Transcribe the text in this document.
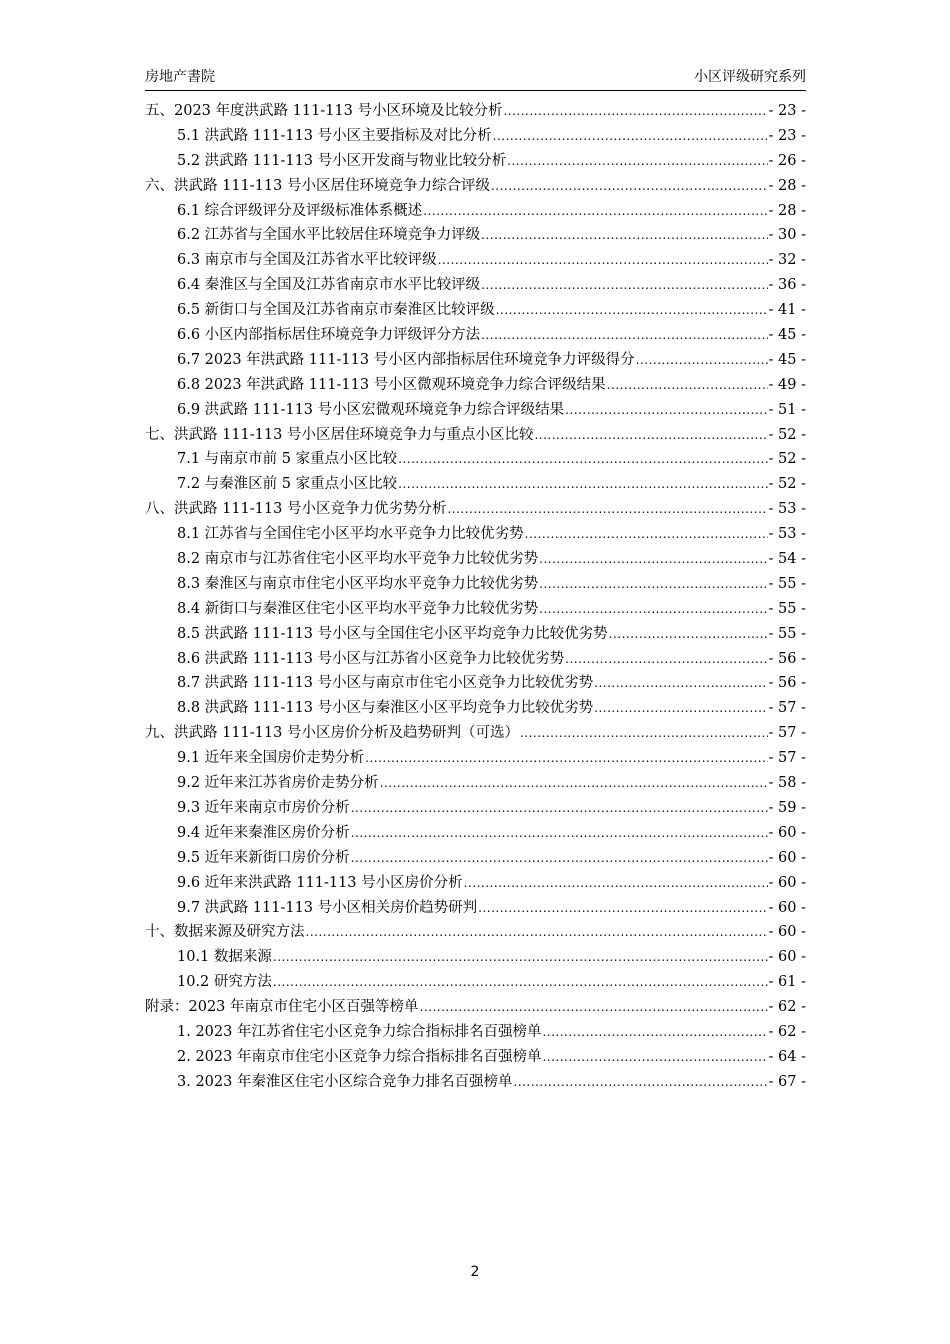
房地产書院	小区评级研究系列
五、2023 年度洪武路 111-113 号小区环境及比较分析 .....	- 23 -
5.1 洪武路 111-113 号小区主要指标及对比分析 .....	- 23 -
5.2 洪武路 111-113 号小区开发商与物业比较分析 .....	- 26 -
六、洪武路 111-113 号小区居住环境竞争力综合评级 .....	- 28 -
6.1 综合评级评分及评级标准体系概述 .....	- 28 -
6.2 江苏省与全国水平比较居住环境竞争力评级 .....	- 30 -
6.3 南京市与全国及江苏省水平比较评级 .....	- 32 -
6.4 秦淮区与全国及江苏省南京市水平比较评级 .....	- 36 -
6.5 新街口与全国及江苏省南京市秦淮区比较评级 .....	- 41 -
6.6 小区内部指标居住环境竞争力评级评分方法 .....	- 45 -
6.7 2023 年洪武路 111-113 号小区内部指标居住环境竞争力评级得分 .....	- 45 -
6.8 2023 年洪武路 111-113 号小区微观环境竞争力综合评级结果 .....	- 49 -
6.9 洪武路 111-113 号小区宏微观环境竞争力综合评级结果 .....	- 51 -
七、洪武路 111-113 号小区居住环境竞争力与重点小区比较 .....	- 52 -
7.1 与南京市前 5 家重点小区比较 .....	- 52 -
7.2 与秦淮区前 5 家重点小区比较 .....	- 52 -
八、洪武路 111-113 号小区竞争力优劣势分析 .....	- 53 -
8.1 江苏省与全国住宅小区平均水平竞争力比较优劣势 .....	- 53 -
8.2 南京市与江苏省住宅小区平均水平竞争力比较优劣势 .....	- 54 -
8.3 秦淮区与南京市住宅小区平均水平竞争力比较优劣势 .....	- 55 -
8.4 新街口与秦淮区住宅小区平均水平竞争力比较优劣势 .....	- 55 -
8.5 洪武路 111-113 号小区与全国住宅小区平均竞争力比较优劣势 .....	- 55 -
8.6 洪武路 111-113 号小区与江苏省小区竞争力比较优劣势 .....	- 56 -
8.7 洪武路 111-113 号小区与南京市住宅小区竞争力比较优劣势 .....	- 56 -
8.8 洪武路 111-113 号小区与秦淮区小区平均竞争力比较优劣势 .....	- 57 -
九、洪武路 111-113 号小区房价分析及趋势研判（可选） .....	- 57 -
9.1 近年来全国房价走势分析 .....	- 57 -
9.2 近年来江苏省房价走势分析 .....	- 58 -
9.3 近年来南京市房价分析 .....	- 59 -
9.4 近年来秦淮区房价分析 .....	- 60 -
9.5 近年来新街口房价分析 .....	- 60 -
9.6 近年来洪武路 111-113 号小区房价分析 .....	- 60 -
9.7 洪武路 111-113 号小区相关房价趋势研判 .....	- 60 -
十、数据来源及研究方法 .....	- 60 -
10.1 数据来源 .....	- 60 -
10.2 研究方法 .....	- 61 -
附录：2023 年南京市住宅小区百强等榜单 .....	- 62 -
1. 2023 年江苏省住宅小区竞争力综合指标排名百强榜单 .....	- 62 -
2. 2023 年南京市住宅小区竞争力综合指标排名百强榜单 .....	- 64 -
3. 2023 年秦淮区住宅小区综合竞争力排名百强榜单 .....	- 67 -
2
